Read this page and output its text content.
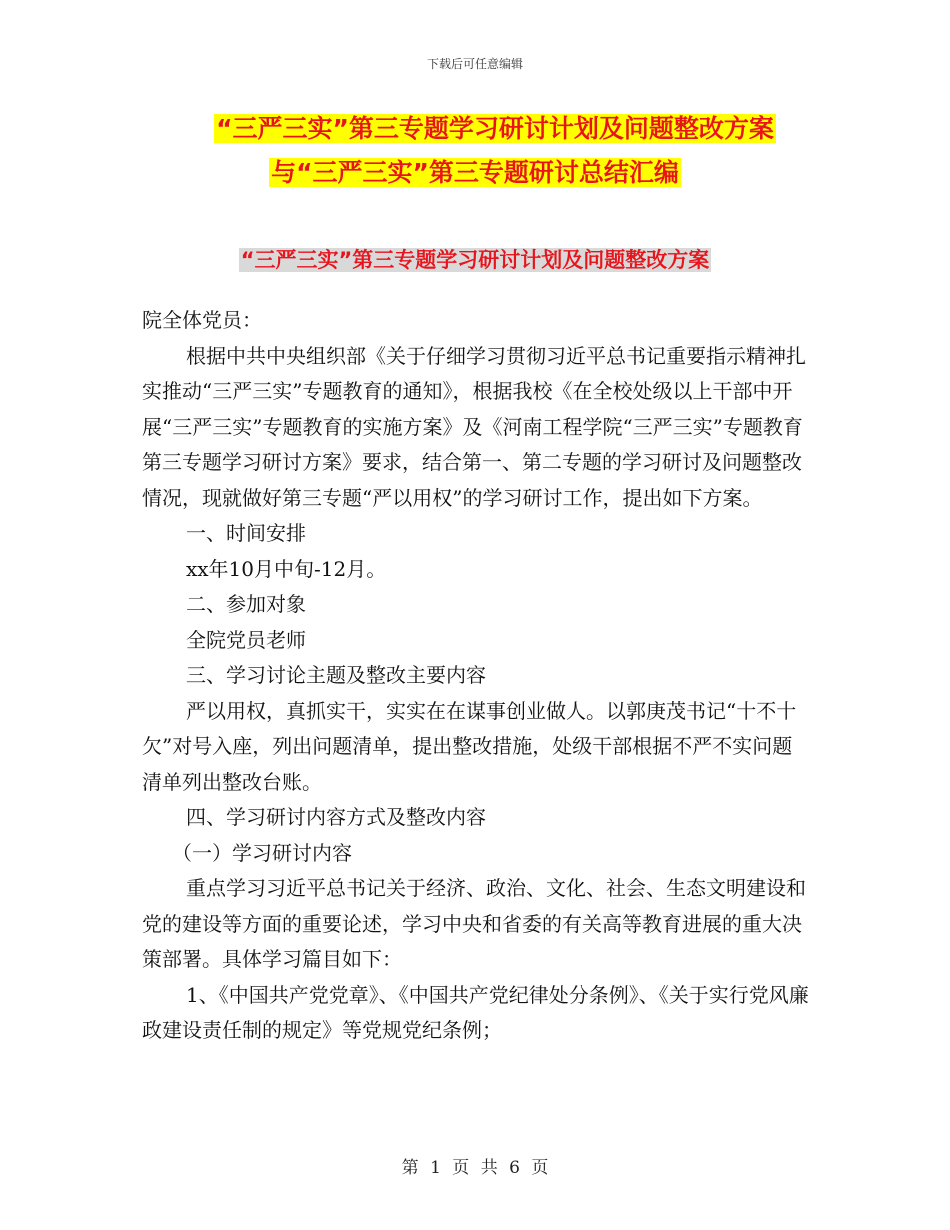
下载后可任意编辑
“三严三实”第三专题学习研讨计划及问题整改方案
与“三严三实”第三专题研讨总结汇编
“三严三实”第三专题学习研讨计划及问题整改方案

院全体党员：

根据中共中央组织部《关于仔细学习贯彻习近平总书记重要指示精神扎实推动“三严三实”专题教育的通知》，根据我校《在全校处级以上干部中开展“三严三实”专题教育的实施方案》及《河南工程学院“三严三实”专题教育第三专题学习研讨方案》要求，结合第一、第二专题的学习研讨及问题整改情况，现就做好第三专题“严以用权”的学习研讨工作，提出如下方案。

一、时间安排

xx年10月中旬-12月。

二、参加对象

全院党员老师

三、学习讨论主题及整改主要内容

严以用权，真抓实干，实实在在谋事创业做人。以郭庚茂书记“十不十欠”对号入座，列出问题清单，提出整改措施，处级干部根据不严不实问题清单列出整改台账。

四、学习研讨内容方式及整改内容

（一）学习研讨内容

重点学习习近平总书记关于经济、政治、文化、社会、生态文明建设和党的建设等方面的重要论述，学习中央和省委的有关高等教育进展的重大决策部署。具体学习篇目如下：

1、《中国共产党党章》、《中国共产党纪律处分条例》、《关于实行党风廉政建设责任制的规定》等党规党纪条例；

第 1 页 共 6 页
